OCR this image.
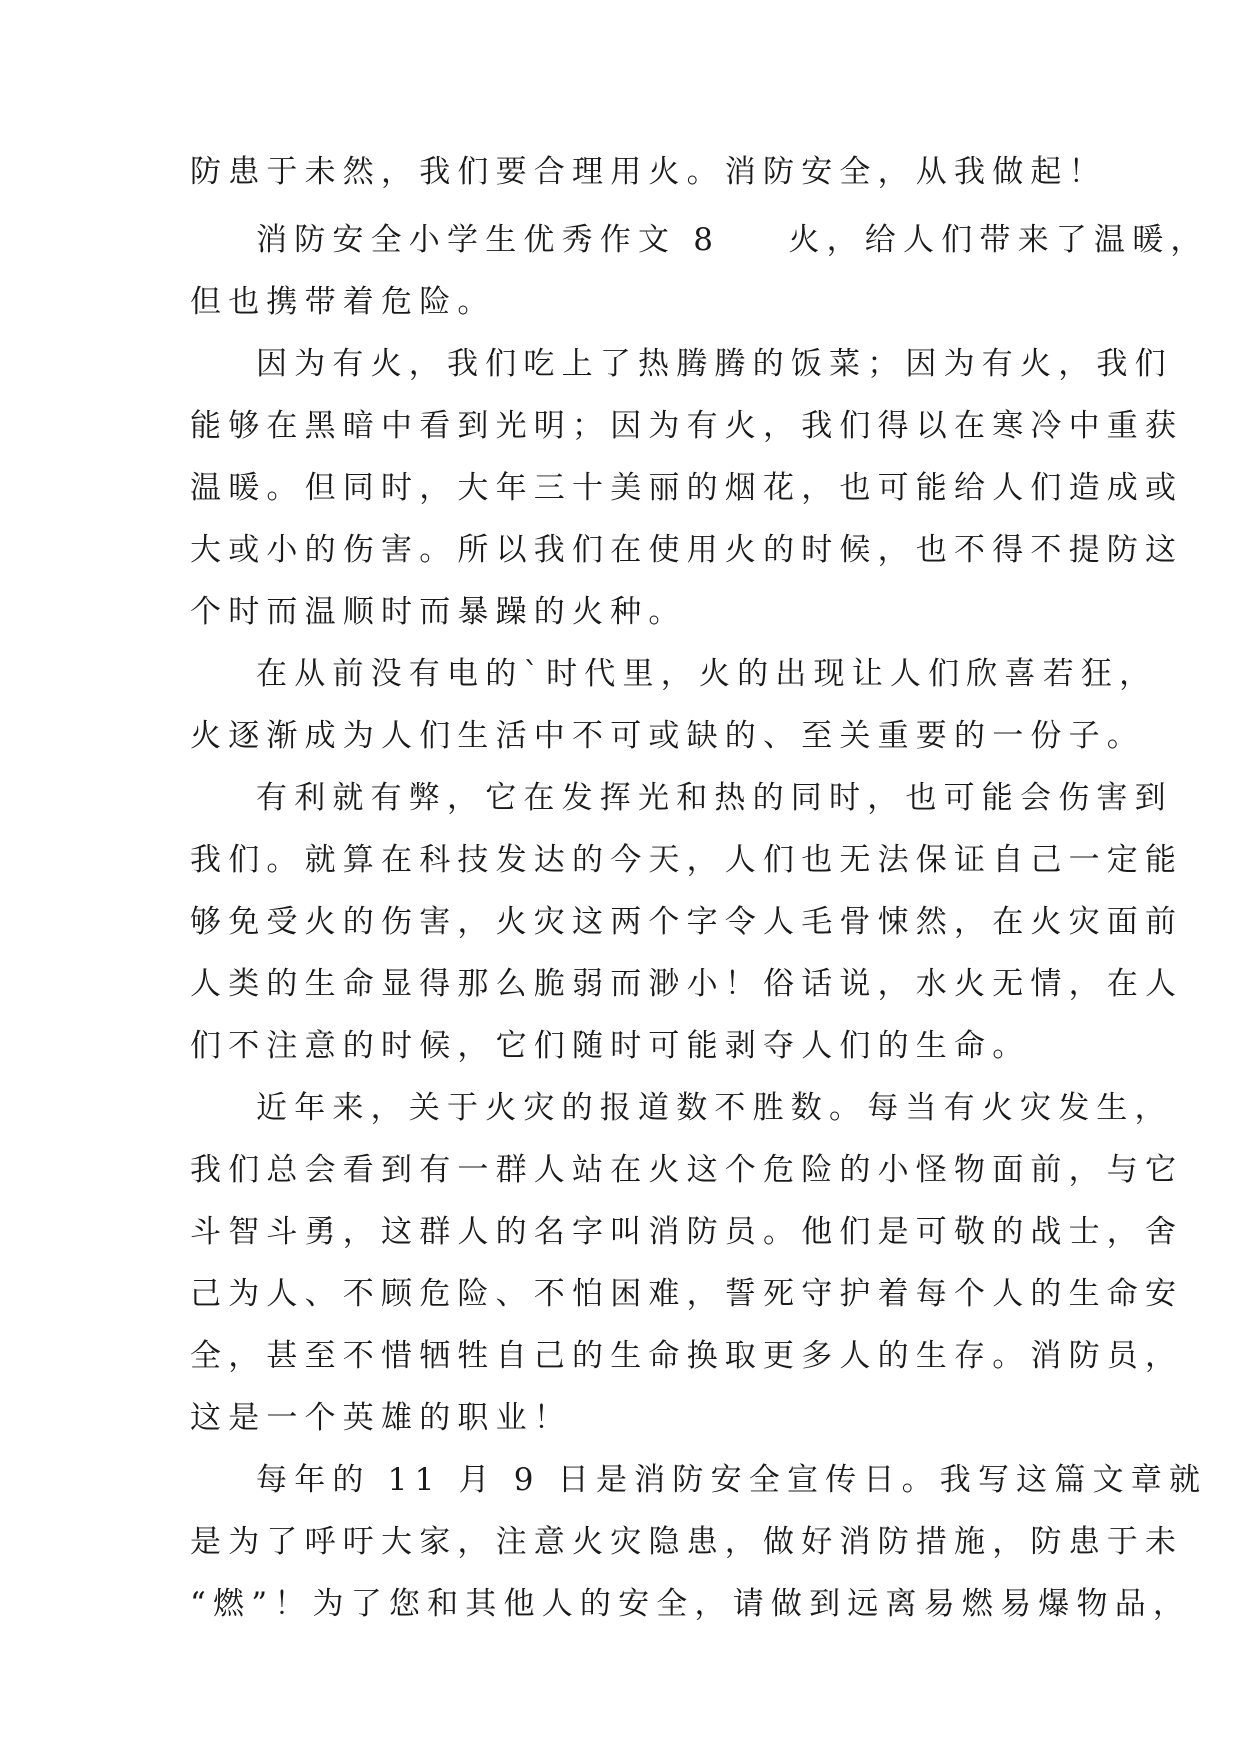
防患于未然，我们要合理用火。消防安全，从我做起！
消防安全小学生优秀作文 8    火，给人们带来了温暖，
但也携带着危险。
因为有火，我们吃上了热腾腾的饭菜；因为有火，我们
能够在黑暗中看到光明；因为有火，我们得以在寒冷中重获
温暖。但同时，大年三十美丽的烟花，也可能给人们造成或
大或小的伤害。所以我们在使用火的时候，也不得不提防这
个时而温顺时而暴躁的火种。
在从前没有电的`时代里，火的出现让人们欣喜若狂，
火逐渐成为人们生活中不可或缺的、至关重要的一份子。
有利就有弊，它在发挥光和热的同时，也可能会伤害到
我们。就算在科技发达的今天，人们也无法保证自己一定能
够免受火的伤害，火灾这两个字令人毛骨悚然，在火灾面前
人类的生命显得那么脆弱而渺小！俗话说，水火无情，在人
们不注意的时候，它们随时可能剥夺人们的生命。
近年来，关于火灾的报道数不胜数。每当有火灾发生，
我们总会看到有一群人站在火这个危险的小怪物面前，与它
斗智斗勇，这群人的名字叫消防员。他们是可敬的战士，舍
己为人、不顾危险、不怕困难，誓死守护着每个人的生命安
全，甚至不惜牺牲自己的生命换取更多人的生存。消防员，
这是一个英雄的职业！
每年的 11 月 9 日是消防安全宣传日。我写这篇文章就
是为了呼吁大家，注意火灾隐患，做好消防措施，防患于未
“燃”！为了您和其他人的安全，请做到远离易燃易爆物品，
